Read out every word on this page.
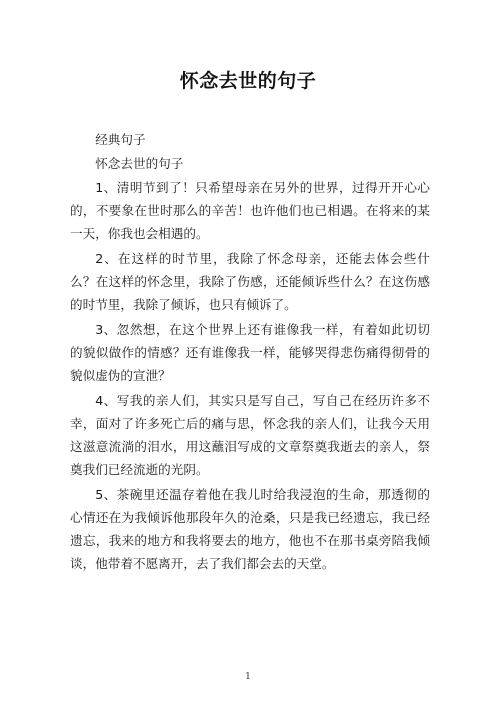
怀念去世的句子

经典句子

怀念去世的句子

1、清明节到了！只希望母亲在另外的世界，过得开开心心的，不要象在世时那么的辛苦！也许他们也已相遇。在将来的某一天，你我也会相遇的。

2、在这样的时节里，我除了怀念母亲，还能去体会些什么？在这样的怀念里，我除了伤感，还能倾诉些什么？在这伤感的时节里，我除了倾诉，也只有倾诉了。

3、忽然想，在这个世界上还有谁像我一样，有着如此切切的貌似做作的情感？还有谁像我一样，能够哭得悲伤痛得彻骨的貌似虚伪的宣泄？

4、写我的亲人们，其实只是写自己，写自己在经历许多不幸，面对了许多死亡后的痛与思，怀念我的亲人们，让我今天用这滋意流淌的泪水，用这蘸泪写成的文章祭奠我逝去的亲人，祭奠我们已经流逝的光阴。

5、茶碗里还温存着他在我儿时给我浸泡的生命，那透彻的心情还在为我倾诉他那段年久的沧桑，只是我已经遗忘，我已经遗忘，我来的地方和我将要去的地方，他也不在那书桌旁陪我倾谈，他带着不愿离开，去了我们都会去的天堂。

1
